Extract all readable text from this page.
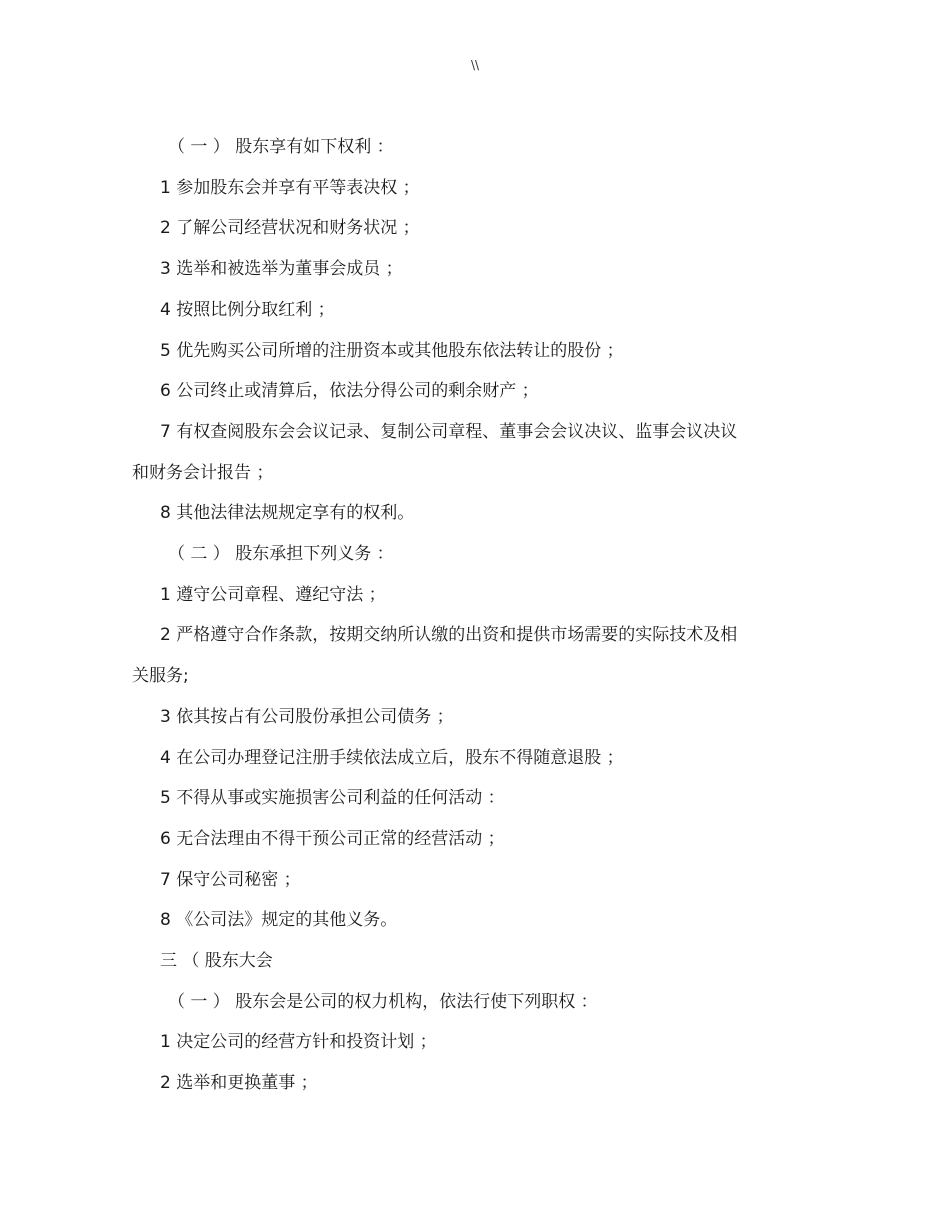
\\

（ 一 ） 股东享有如下权利 ：

1 参加股东会并享有平等表决权 ；

2 了解公司经营状况和财务状况 ；

3 选举和被选举为董事会成员 ；

4 按照比例分取红利 ；

5 优先购买公司所增的注册资本或其他股东依法转让的股份 ；

6 公司终止或清算后，依法分得公司的剩余财产 ；

7 有权查阅股东会会议记录、复制公司章程、董事会会议决议、监事会议决议

和财务会计报告 ；

8 其他法律法规规定享有的权利。

（ 二 ） 股东承担下列义务 ：

1 遵守公司章程、遵纪守法 ；

2 严格遵守合作条款，按期交纳所认缴的出资和提供市场需要的实际技术及相

关服务;

3 依其按占有公司股份承担公司债务 ；

4 在公司办理登记注册手续依法成立后，股东不得随意退股 ；

5 不得从事或实施损害公司利益的任何活动 ：

6 无合法理由不得干预公司正常的经营活动 ；

7 保守公司秘密 ；

8 《公司法》规定的其他义务。

三 （ 股东大会

（ 一 ） 股东会是公司的权力机构，依法行使下列职权 ：

1 决定公司的经营方针和投资计划 ；

2 选举和更换董事 ；
